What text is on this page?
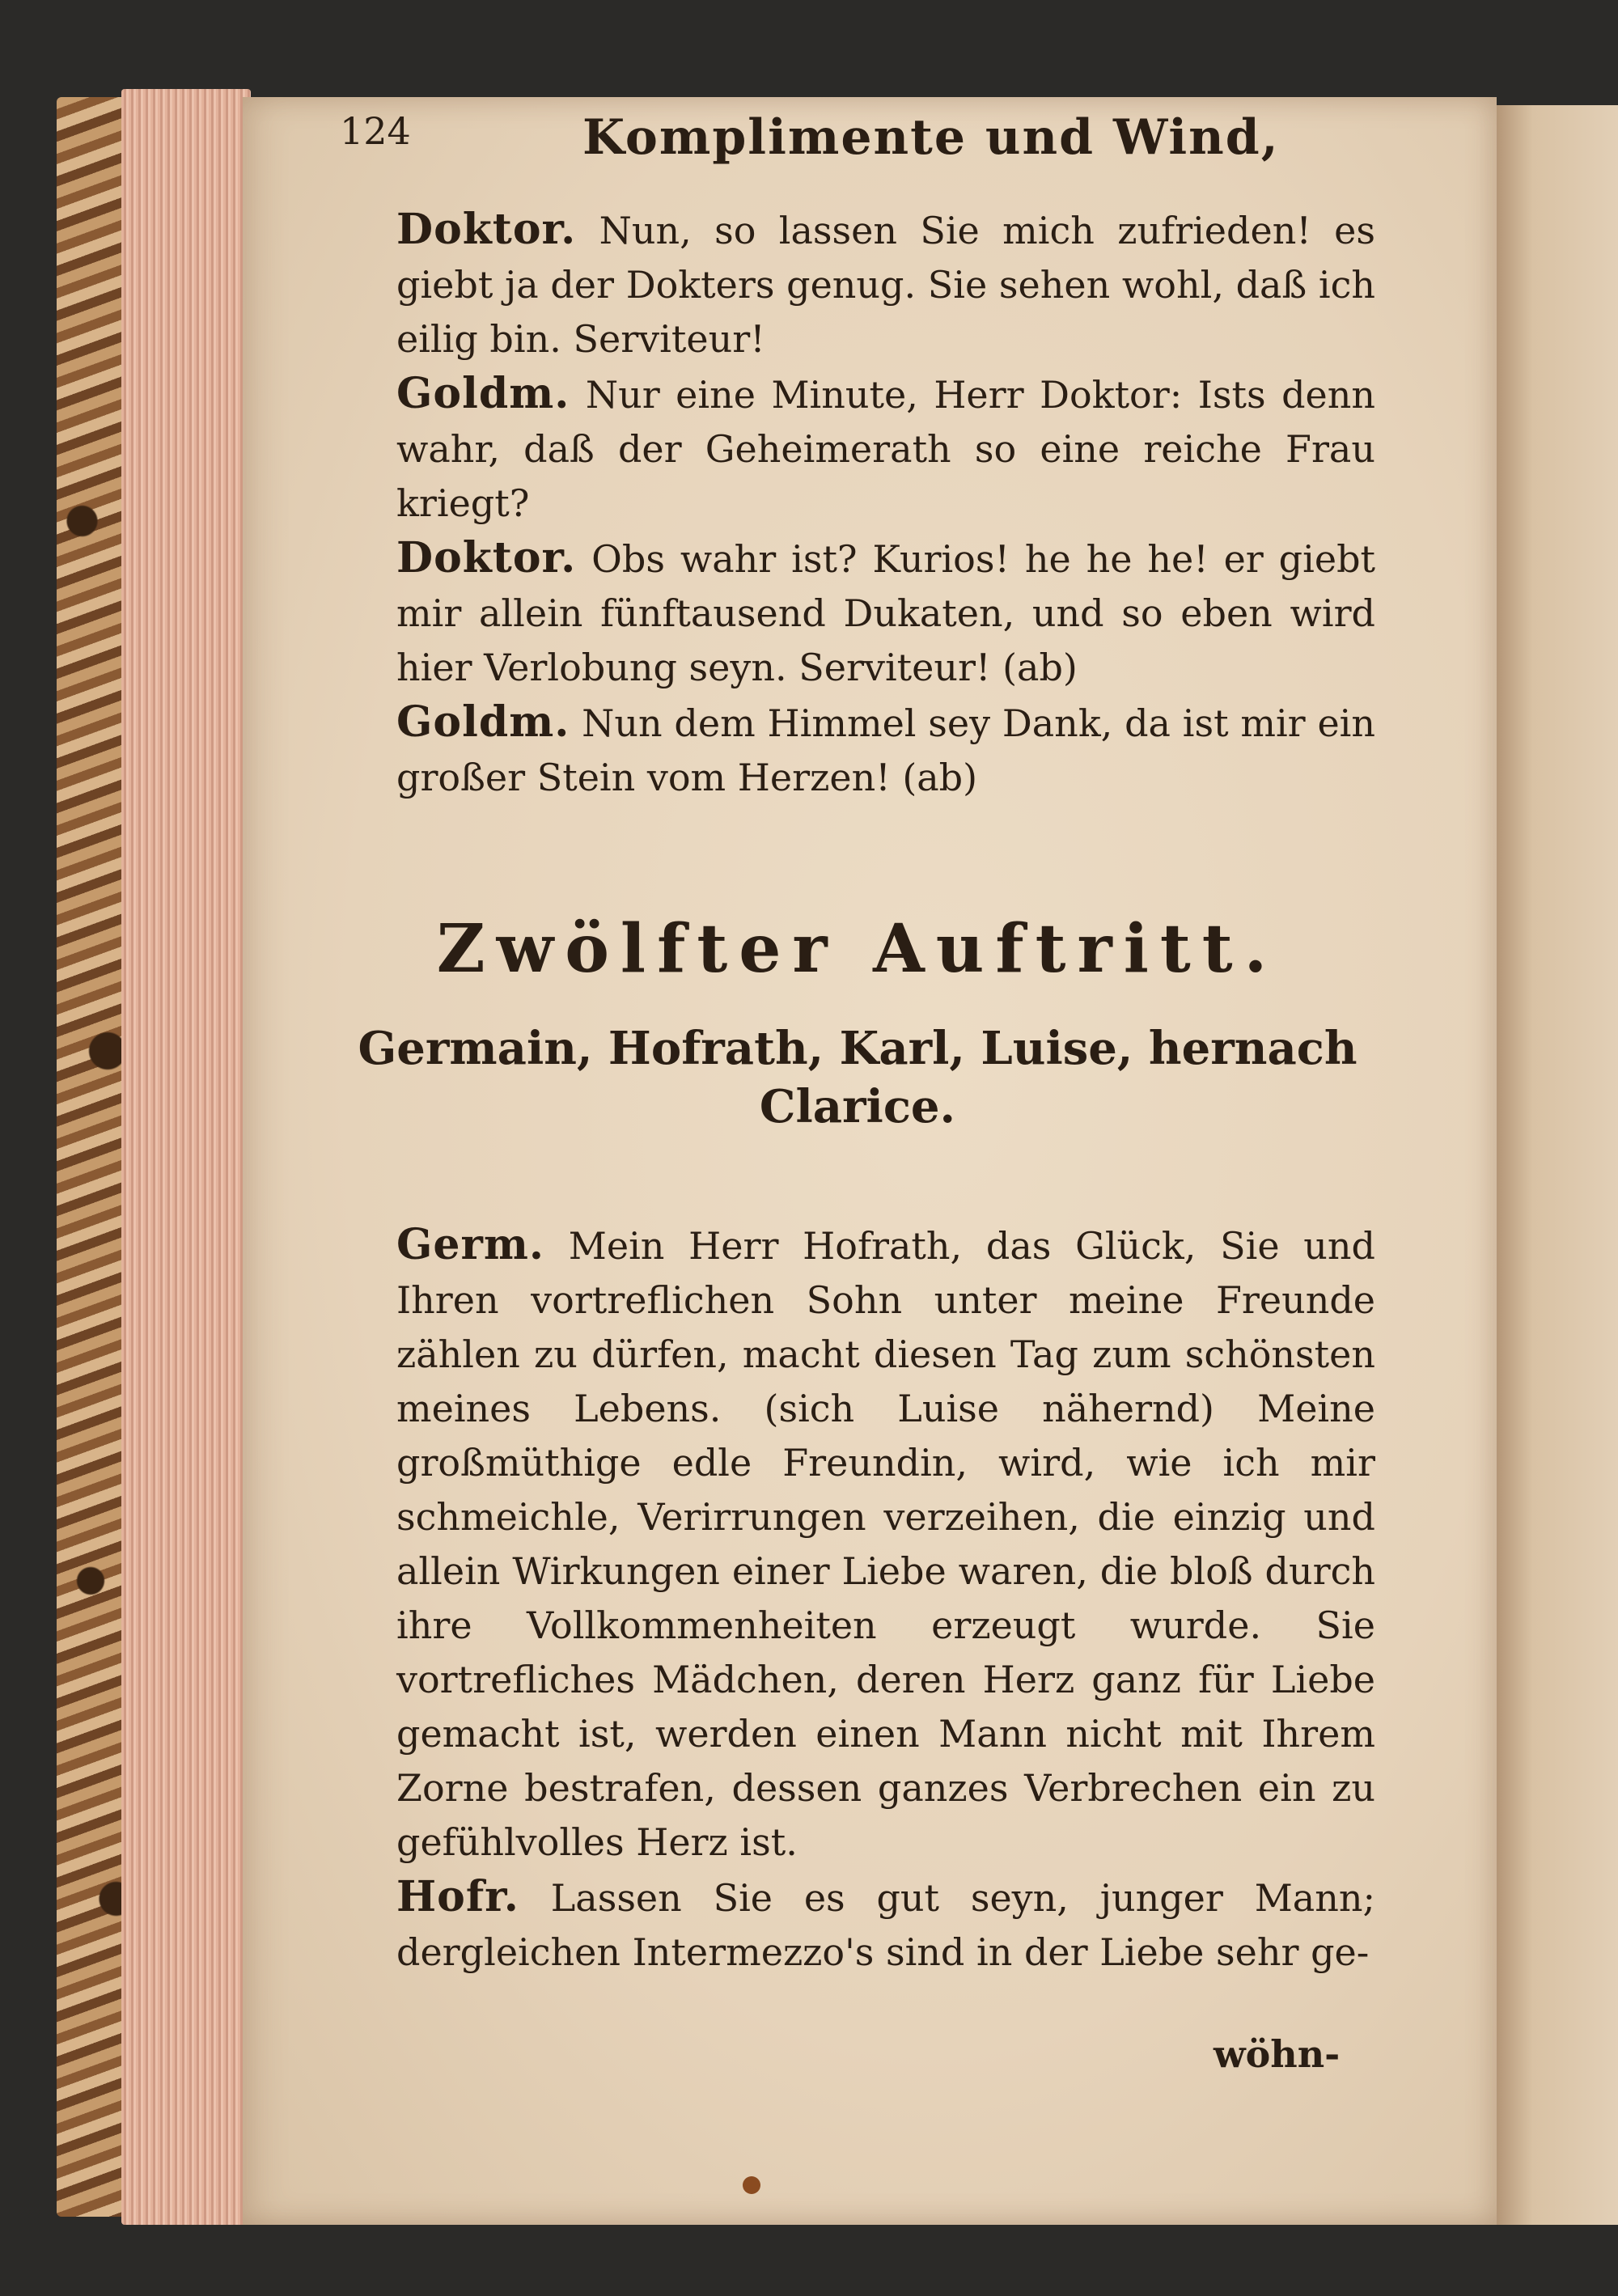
124	Komplimente und Wind,

Doktor. Nun, so lassen Sie mich zufrieden! es giebt ja der Dokters genug. Sie sehen wohl, daß ich eilig bin. Serviteur!

Goldm. Nur eine Minute, Herr Doktor: Ists denn wahr, daß der Geheimerath so eine reiche Frau kriegt?

Doktor. Obs wahr ist? Kurios! he he he! er giebt mir allein fünftausend Dukaten, und so eben wird hier Verlobung seyn. Serviteur! (ab)

Goldm. Nun dem Himmel sey Dank, da ist mir ein großer Stein vom Herzen! (ab)

Zwölfter Auftritt.
Germain, Hofrath, Karl, Luise, hernach
Clarice.

Germ. Mein Herr Hofrath, das Glück, Sie und Ihren vortreflichen Sohn unter meine Freunde zählen zu dürfen, macht diesen Tag zum schönsten meines Lebens. (sich Luise nähernd) Meine großmüthige edle Freundin, wird, wie ich mir schmeichle, Verirrungen verzeihen, die einzig und allein Wirkungen einer Liebe waren, die bloß durch ihre Vollkommenheiten erzeugt wurde. Sie vortrefliches Mädchen, deren Herz ganz für Liebe gemacht ist, werden einen Mann nicht mit Ihrem Zorne bestrafen, dessen ganzes Verbrechen ein zu gefühlvolles Herz ist.

Hofr. Lassen Sie es gut seyn, junger Mann; dergleichen Intermezzo's sind in der Liebe sehr ge-

wöhn-
